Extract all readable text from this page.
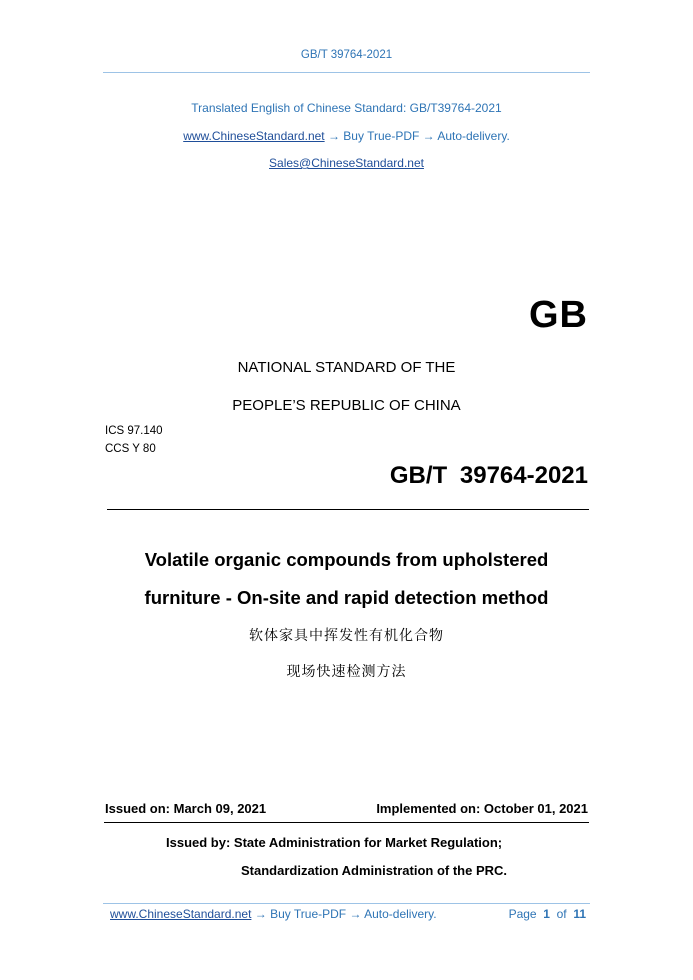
GB/T 39764-2021
Translated English of Chinese Standard: GB/T39764-2021
www.ChineseStandard.net → Buy True-PDF → Auto-delivery.
Sales@ChineseStandard.net
GB
NATIONAL STANDARD OF THE
PEOPLE’S REPUBLIC OF CHINA
ICS 97.140
CCS Y 80
GB/T 39764-2021
Volatile organic compounds from upholstered
furniture - On-site and rapid detection method
软体家具中挥发性有机化合物
现场快速检测方法
Issued on: March 09, 2021	Implemented on: October 01, 2021
Issued by: State Administration for Market Regulation;
Standardization Administration of the PRC.
www.ChineseStandard.net → Buy True-PDF → Auto-delivery.	Page 1 of 11
